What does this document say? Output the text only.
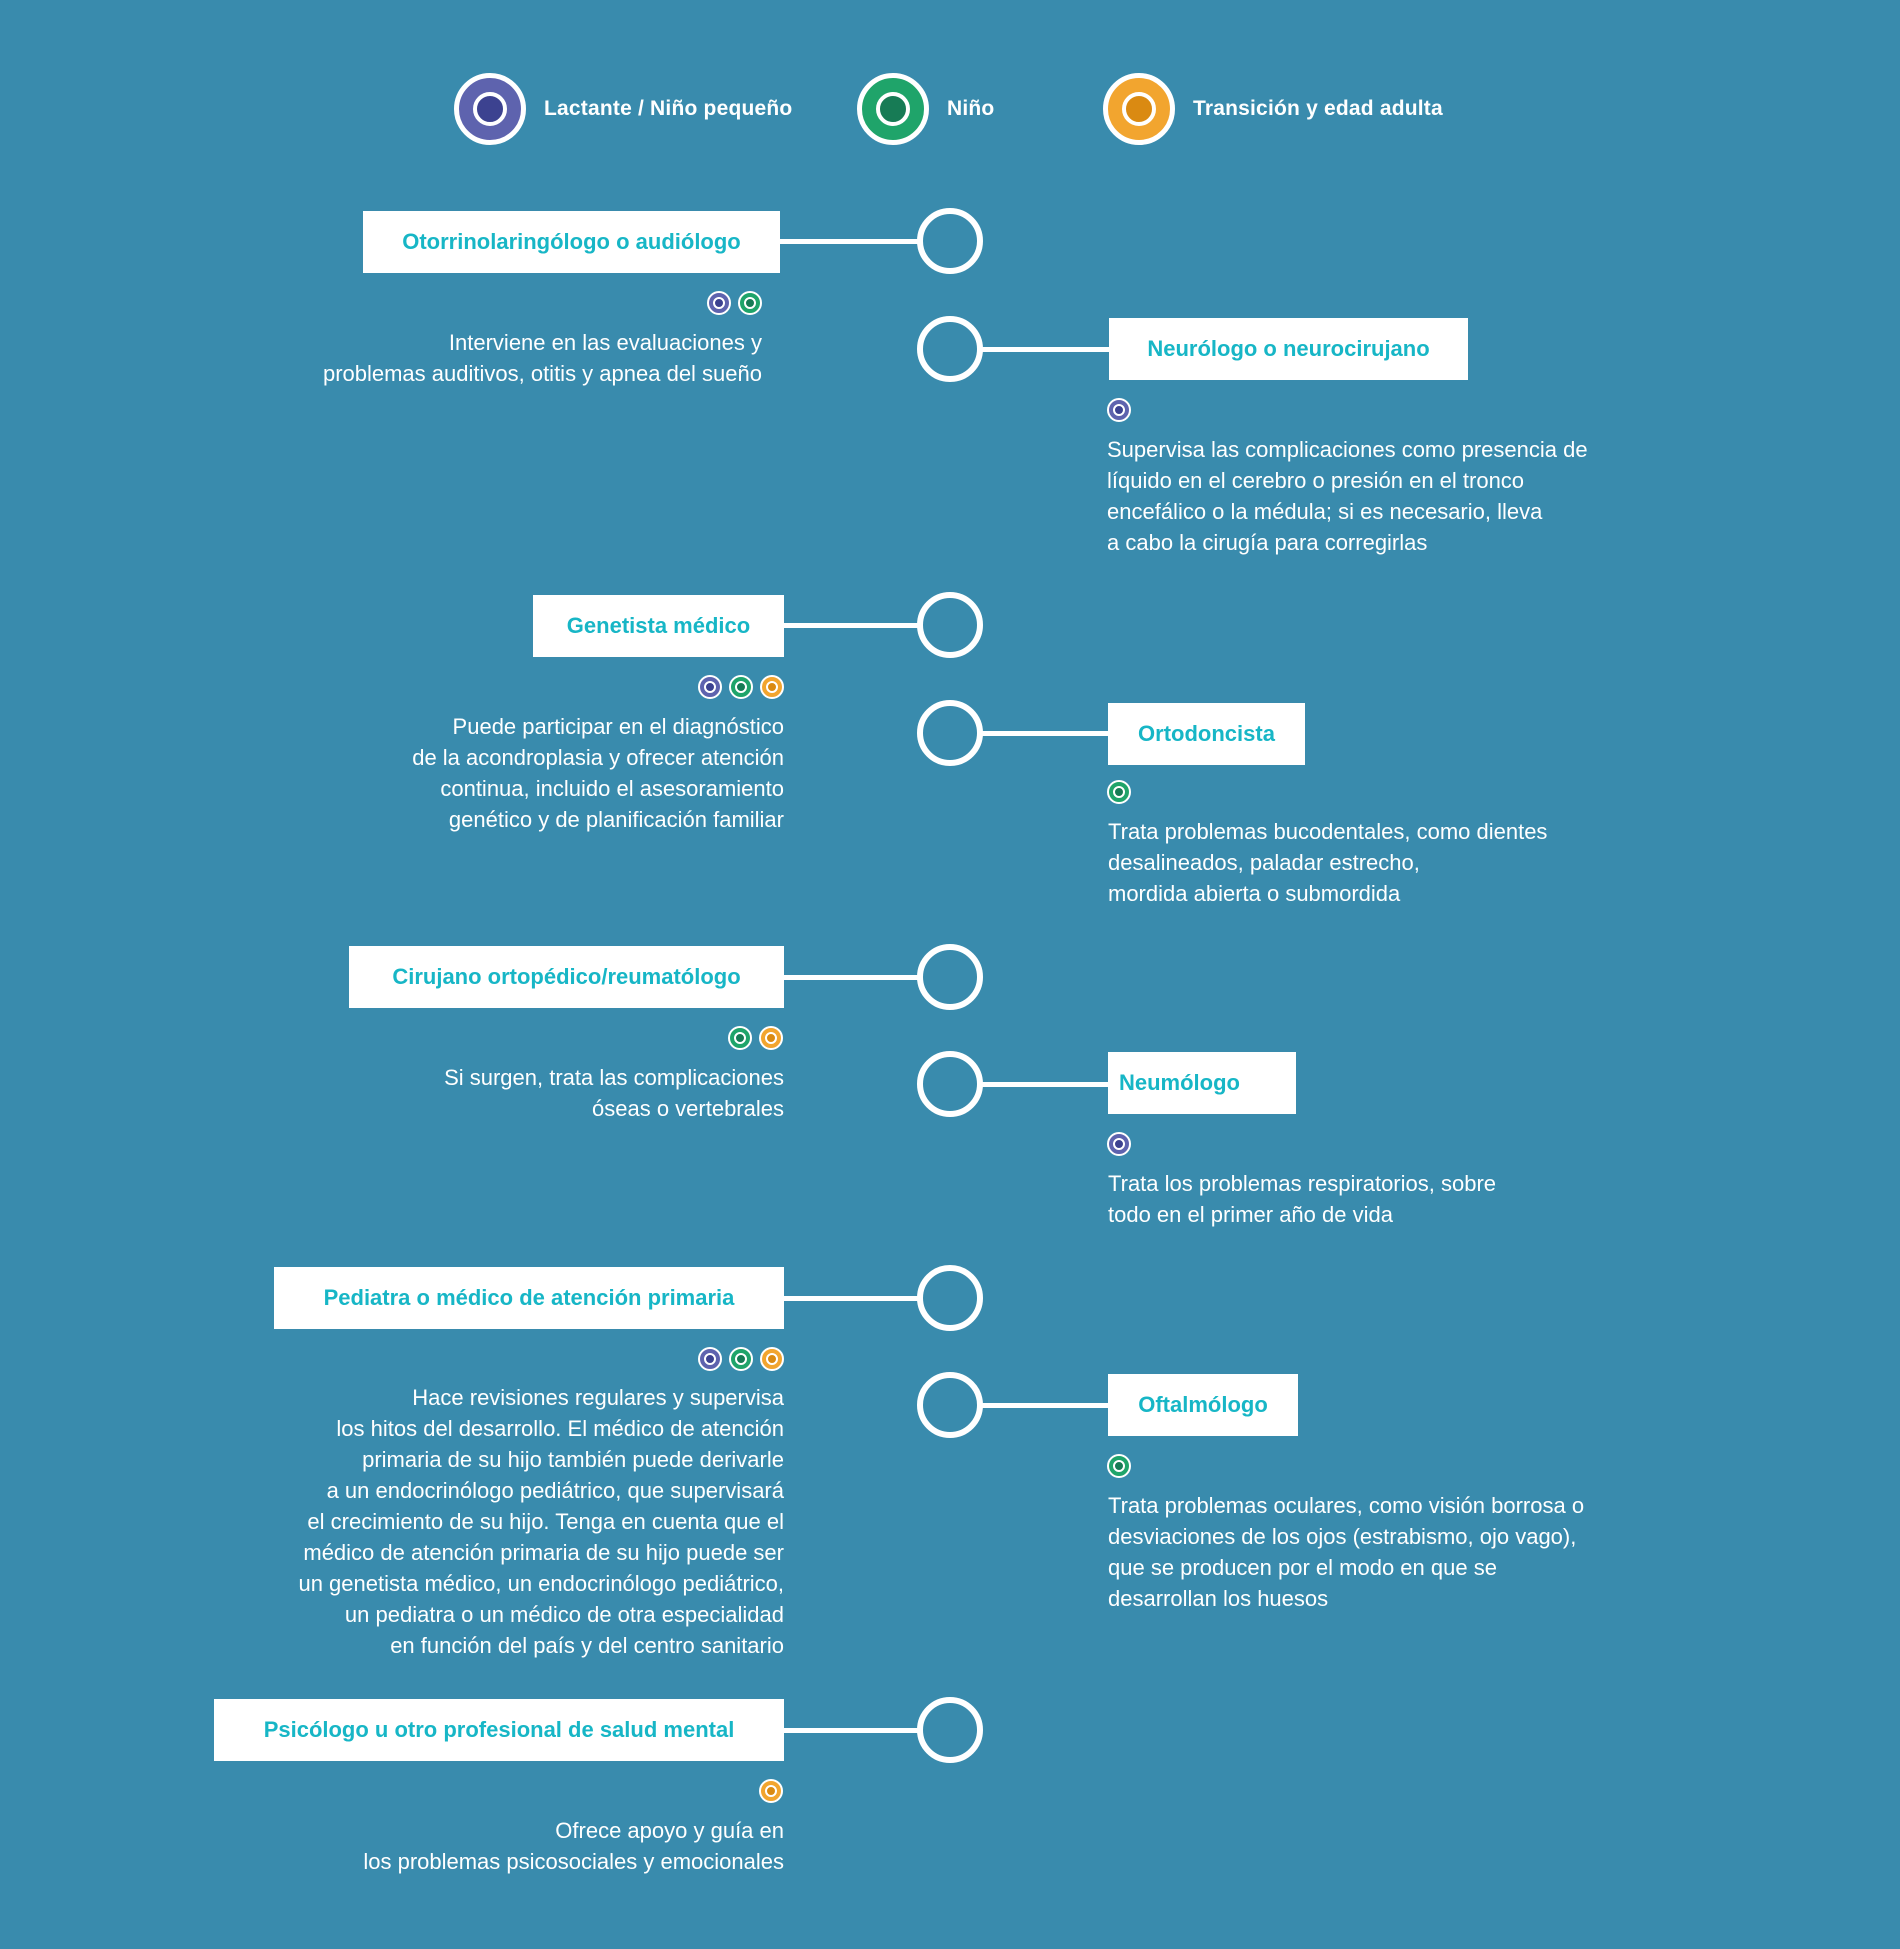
Lactante / Niño pequeño	Niño	Transición y edad adulta
Otorrinolaringólogo o audiólogo
Interviene en las evaluaciones y
problemas auditivos, otitis y apnea del sueño
Neurólogo o neurocirujano
Supervisa las complicaciones como presencia de
líquido en el cerebro o presión en el tronco
encefálico o la médula; si es necesario, lleva
a cabo la cirugía para corregirlas
Genetista médico
Puede participar en el diagnóstico
de la acondroplasia y ofrecer atención
continua, incluido el asesoramiento
genético y de planificación familiar
Ortodoncista
Trata problemas bucodentales, como dientes
desalineados, paladar estrecho,
mordida abierta o submordida
Cirujano ortopédico/reumatólogo
Si surgen, trata las complicaciones
óseas o vertebrales
Neumólogo
Trata los problemas respiratorios, sobre
todo en el primer año de vida
Pediatra o médico de atención primaria
Hace revisiones regulares y supervisa
los hitos del desarrollo. El médico de atención
primaria de su hijo también puede derivarle
a un endocrinólogo pediátrico, que supervisará
el crecimiento de su hijo. Tenga en cuenta que el
médico de atención primaria de su hijo puede ser
un genetista médico, un endocrinólogo pediátrico,
un pediatra o un médico de otra especialidad
en función del país y del centro sanitario
Oftalmólogo
Trata problemas oculares, como visión borrosa o
desviaciones de los ojos (estrabismo, ojo vago),
que se producen por el modo en que se
desarrollan los huesos
Psicólogo u otro profesional de salud mental
Ofrece apoyo y guía en
los problemas psicosociales y emocionales
